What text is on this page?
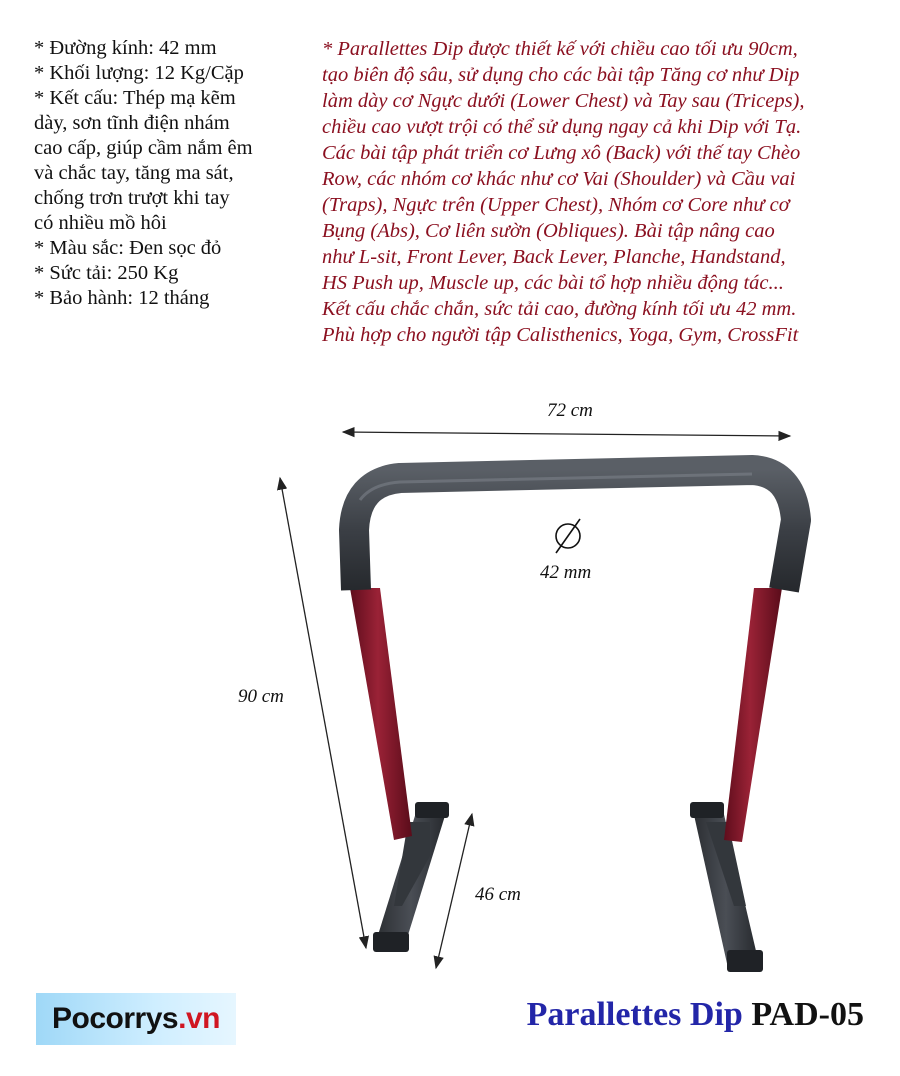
* Đường kính: 42 mm
* Khối lượng: 12 Kg/Cặp
* Kết cấu: Thép mạ kẽm
dày, sơn tĩnh điện nhám
cao cấp, giúp cầm nắm êm
và chắc tay, tăng ma sát,
chống trơn trượt khi tay
có nhiều mồ hôi
* Màu sắc: Đen sọc đỏ
* Sức tải: 250 Kg
* Bảo hành: 12 tháng
* Parallettes Dip được thiết kế với chiều cao tối ưu 90cm,
tạo biên độ sâu, sử dụng cho các bài tập Tăng cơ như Dip
làm dày cơ Ngực dưới (Lower Chest) và Tay sau (Triceps),
chiều cao vượt trội có thể sử dụng ngay cả khi Dip với Tạ.
Các bài tập phát triển cơ Lưng xô (Back) với thế tay Chèo
Row, các nhóm cơ khác như cơ Vai (Shoulder) và Cầu vai
(Traps), Ngực trên (Upper Chest), Nhóm cơ Core như cơ
Bụng (Abs), Cơ liên sườn (Obliques). Bài tập nâng cao
như L-sit, Front Lever, Back Lever, Planche, Handstand,
HS Push up, Muscle up, các bài tổ hợp nhiều động tác...
Kết cấu chắc chắn, sức tải cao, đường kính tối ưu 42 mm.
Phù hợp cho người tập Calisthenics, Yoga, Gym, CrossFit
72 cm
42 mm
90 cm
46 cm
Pocorrys.vn	Parallettes Dip PAD-05
